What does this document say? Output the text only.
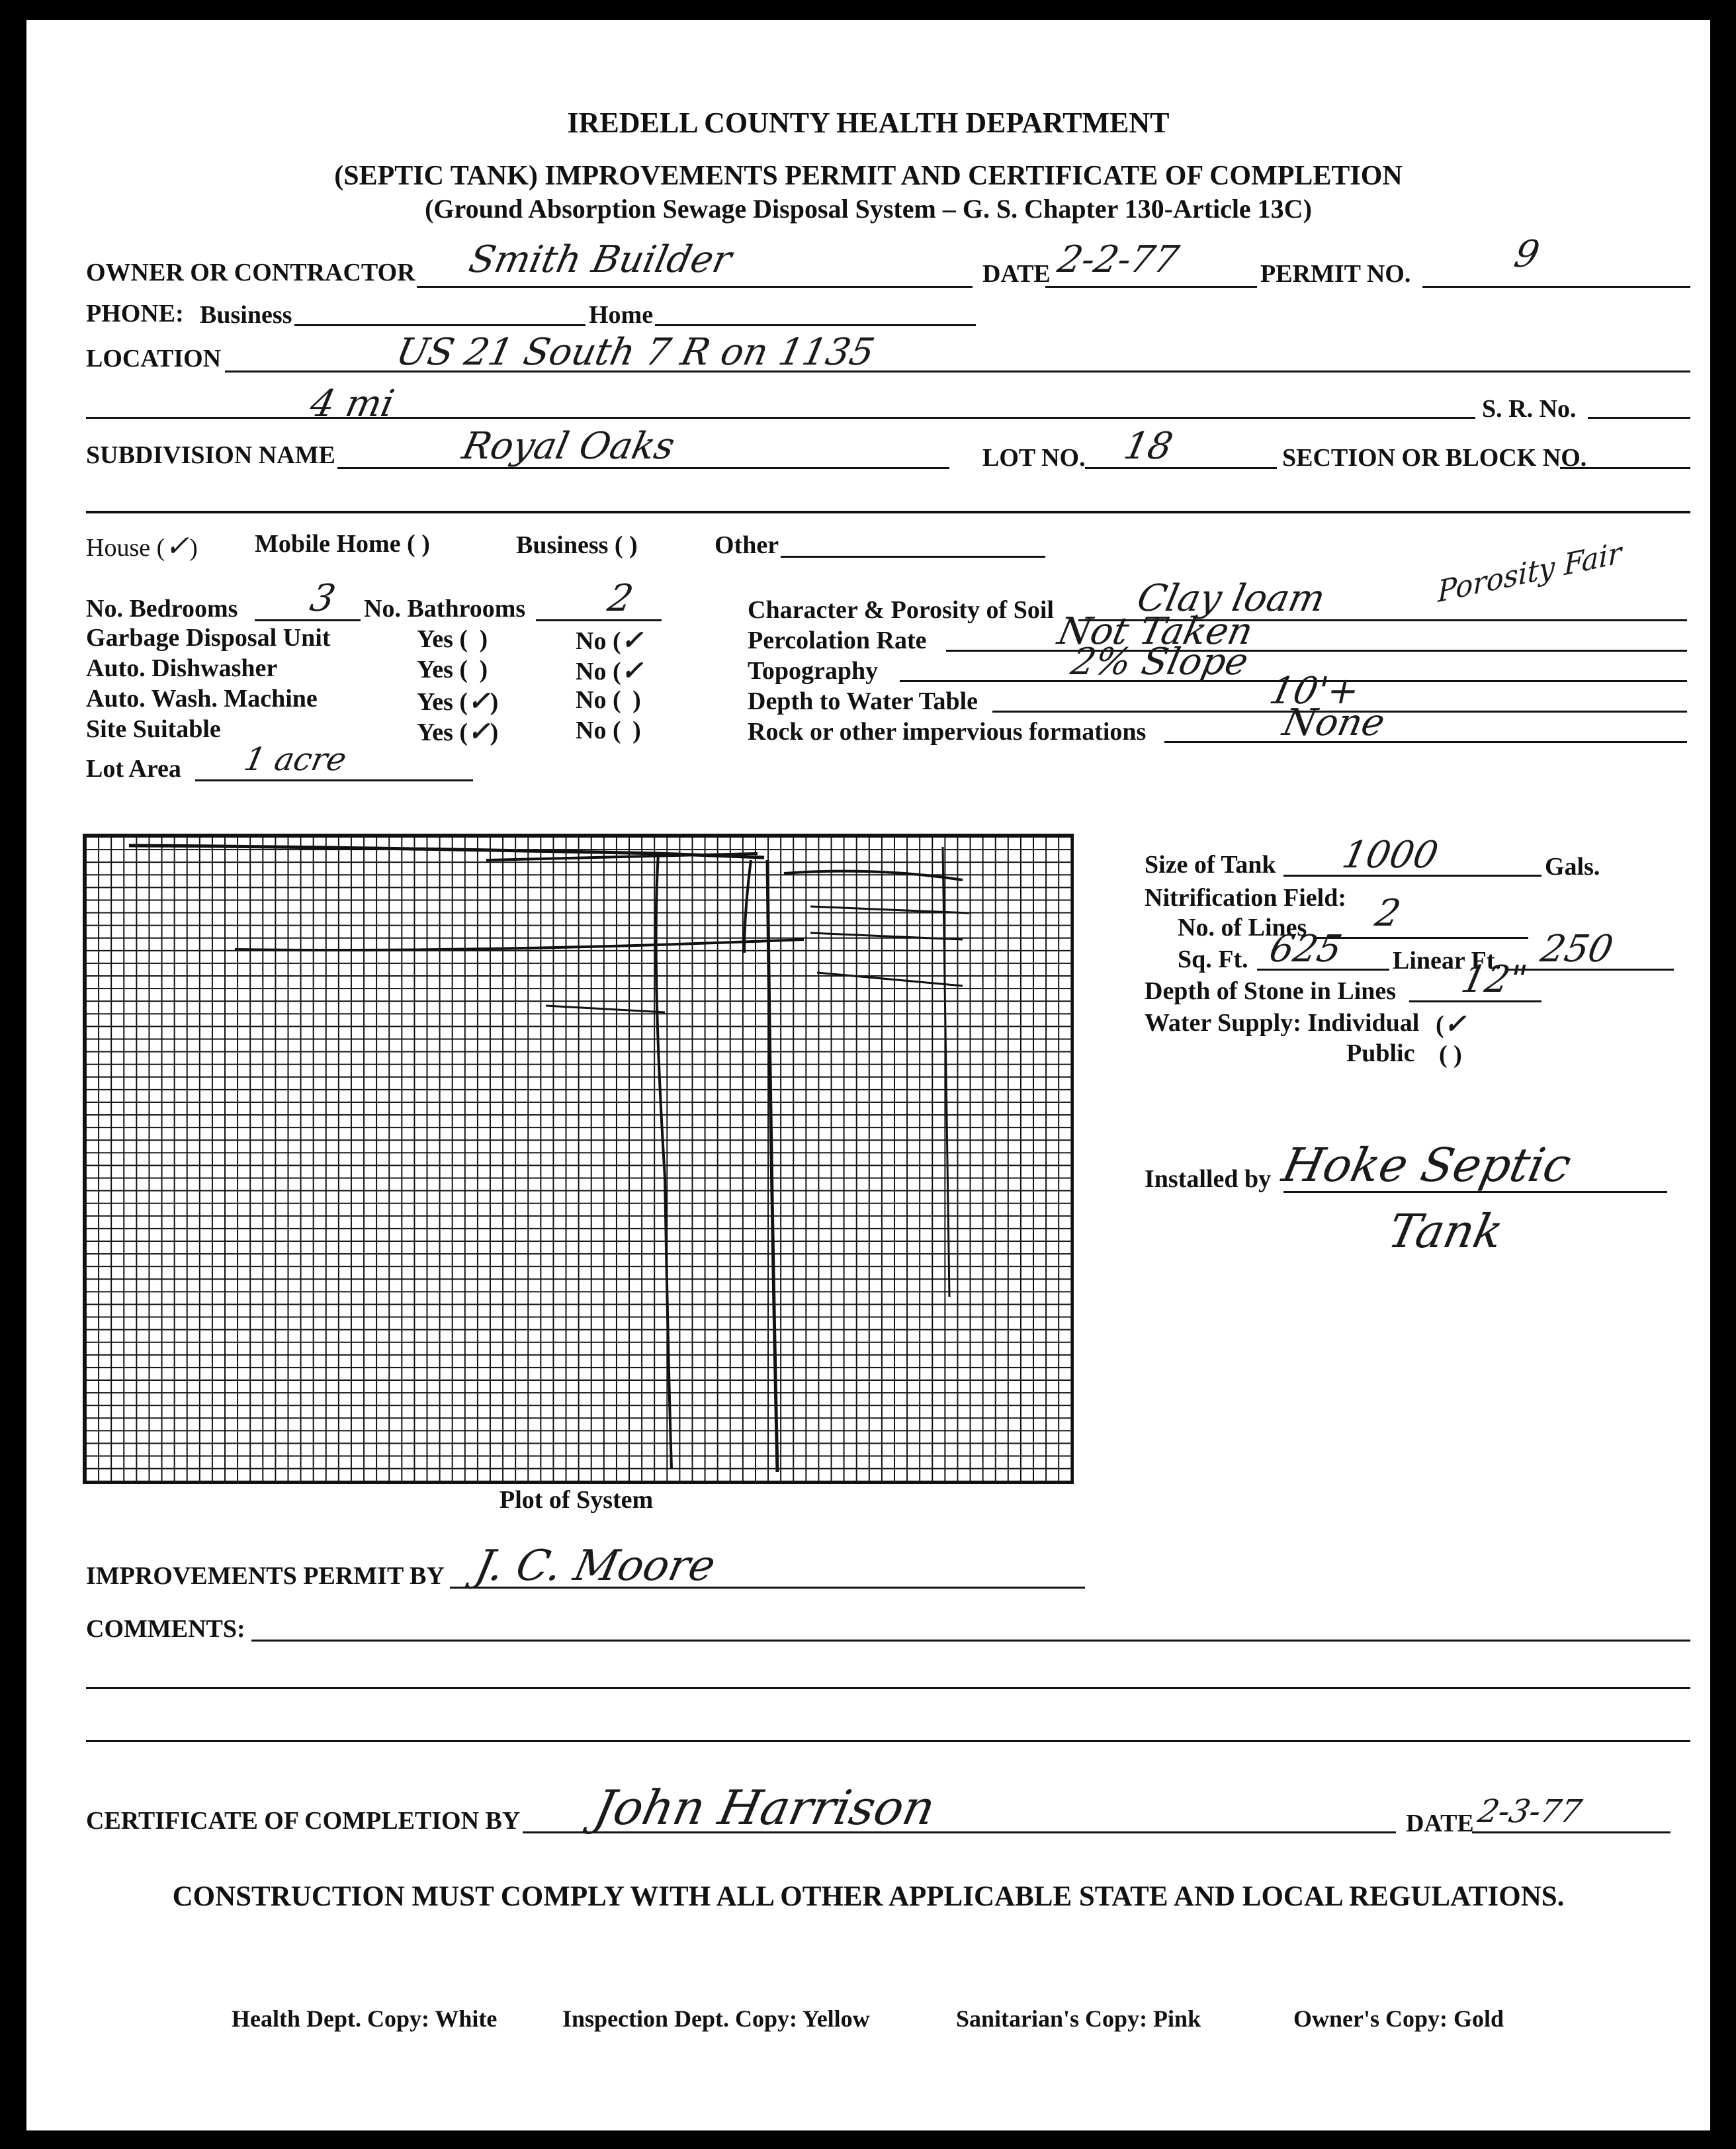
IREDELL COUNTY HEALTH DEPARTMENT
(SEPTIC TANK) IMPROVEMENTS PERMIT AND CERTIFICATE OF COMPLETION
(Ground Absorption Sewage Disposal System – G. S. Chapter 130-Article 13C)
OWNER OR CONTRACTOR Smith Builder	DATE 2-2-77	PERMIT NO.	9
PHONE: Business	Home
LOCATION	US 21 South 7 R on 1135
4 mi	S. R. No.
SUBDIVISION NAME	Royal Oaks	LOT NO. 18	SECTION OR BLOCK NO.
House (✓) Mobile Home ( )	Business ( )	Other
No. Bedrooms 3 No. Bathrooms 2
Garbage Disposal Unit	Yes ( )	No (✓
Auto. Dishwasher	Yes ( )	No (✓
Auto. Wash. Machine	Yes (✓)	No ( )
Site Suitable	Yes (✓)	No ( )
Lot Area 1 acre
Character & Porosity of Soil Clay loam	Porosity Fair
Percolation Rate	Not Taken
Topography	2% Slope
Depth to Water Table	10'+
Rock or other impervious formations	None
Plot of System
Size of Tank 1000	Gals.
Nitrification Field:
No. of Lines 2
Sq. Ft. 625 Linear Ft. 250
Depth of Stone in Lines 12"
Water Supply: Individual (✓
Public ( )
Installed by Hoke Septic
Tank
IMPROVEMENTS PERMIT BY J. C. Moore
COMMENTS:
CERTIFICATE OF COMPLETION BY John Harrison	DATE 2-3-77
CONSTRUCTION MUST COMPLY WITH ALL OTHER APPLICABLE STATE AND LOCAL REGULATIONS.
Health Dept. Copy: White	Inspection Dept. Copy: Yellow	Sanitarian's Copy: Pink	Owner's Copy: Gold
